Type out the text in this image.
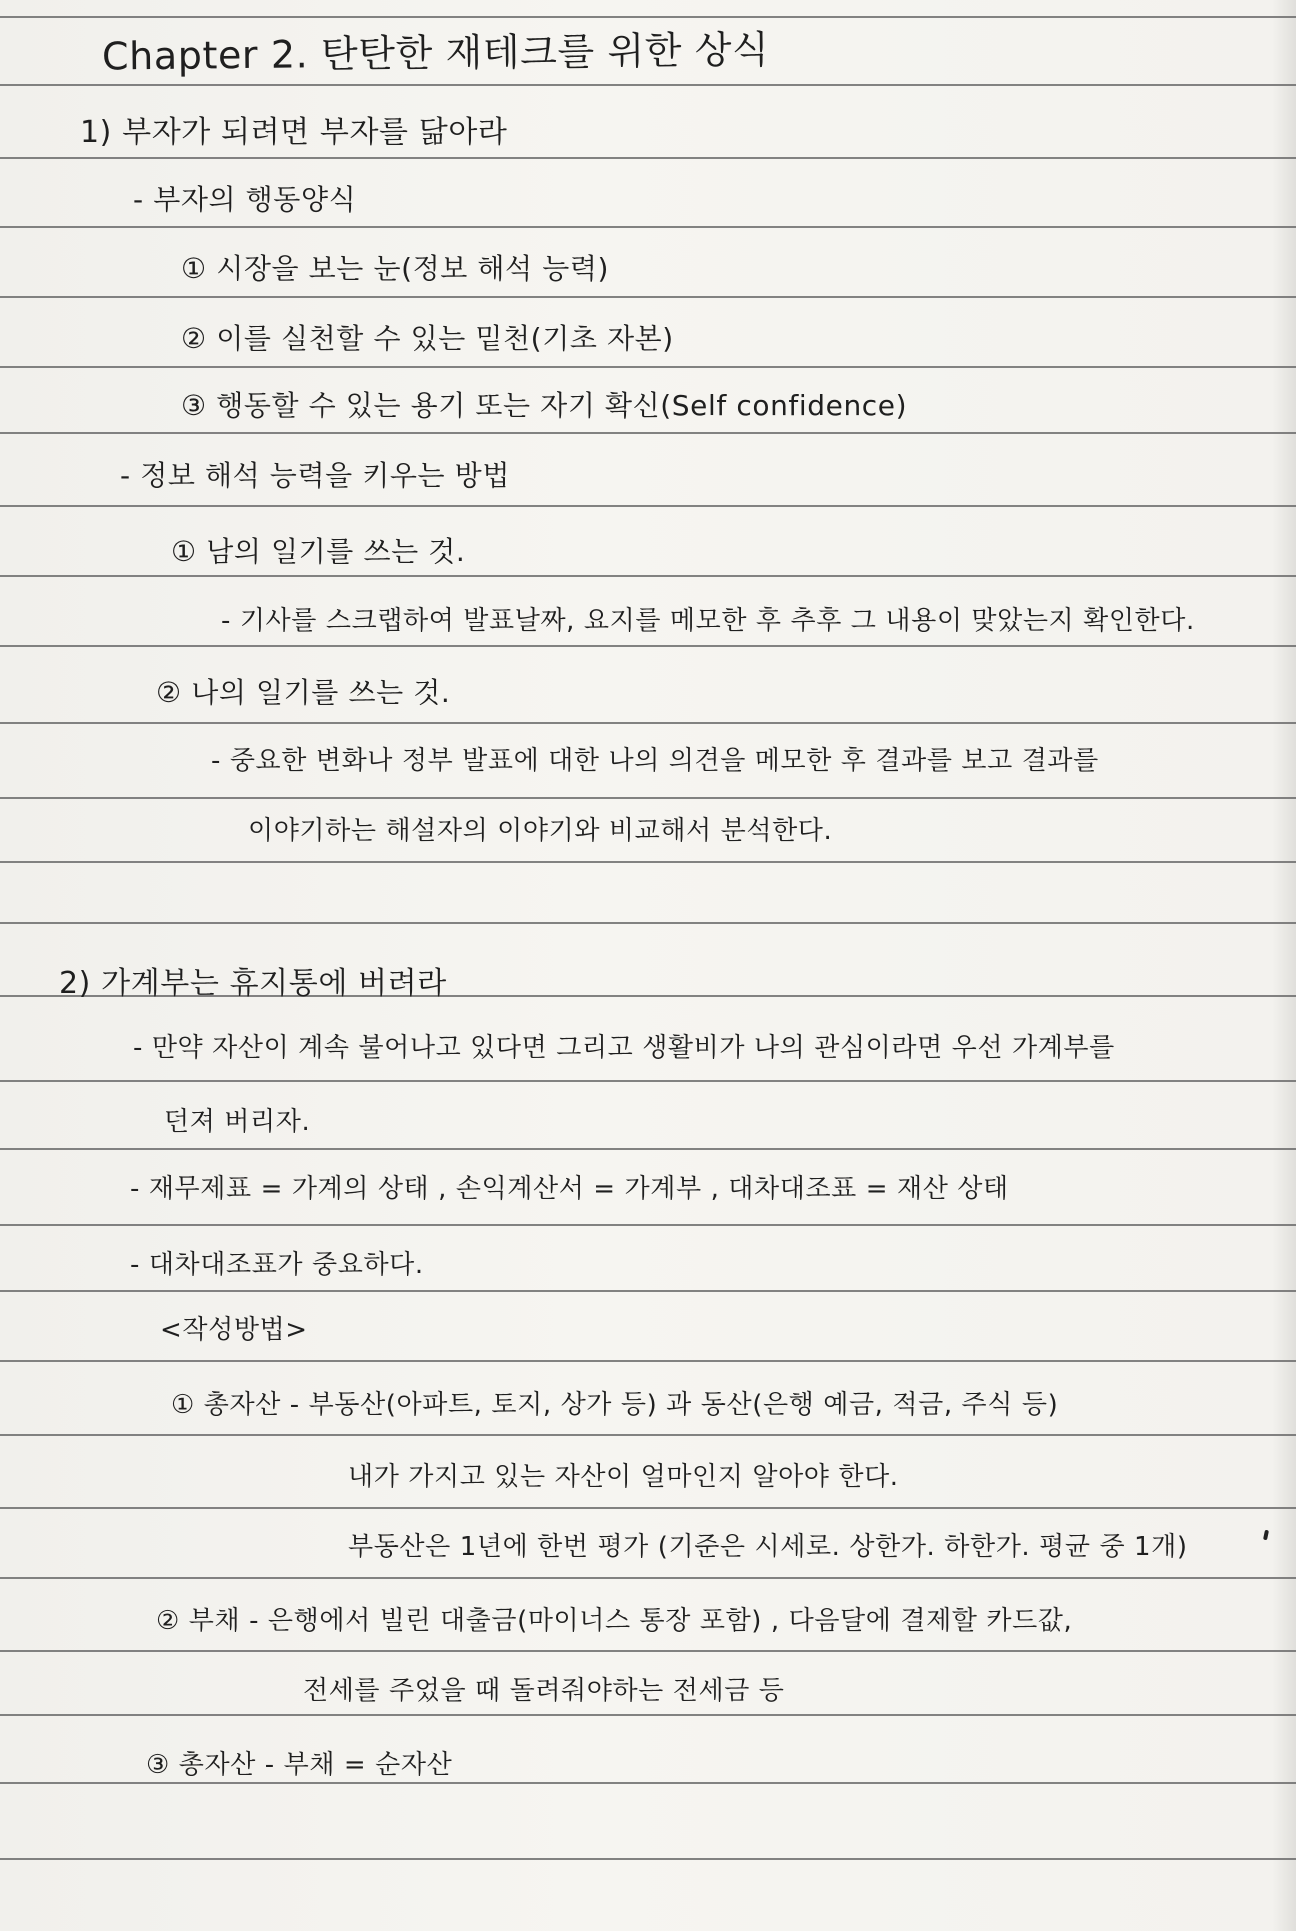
Chapter 2. 탄탄한 재테크를 위한 상식
1) 부자가 되려면 부자를 닮아라
- 부자의 행동양식
① 시장을 보는 눈(정보 해석 능력)
② 이를 실천할 수 있는 밑천(기초 자본)
③ 행동할 수 있는 용기 또는 자기 확신(Self confidence)
- 정보 해석 능력을 키우는 방법
① 남의 일기를 쓰는 것.
- 기사를 스크랩하여 발표날짜, 요지를 메모한 후 추후 그 내용이 맞았는지 확인한다.
② 나의 일기를 쓰는 것.
- 중요한 변화나 정부 발표에 대한 나의 의견을 메모한 후 결과를 보고 결과를
이야기하는 해설자의 이야기와 비교해서 분석한다.
2) 가계부는 휴지통에 버려라
- 만약 자산이 계속 불어나고 있다면 그리고 생활비가 나의 관심이라면 우선 가계부를
던져 버리자.
- 재무제표 = 가계의 상태 , 손익계산서 = 가계부 , 대차대조표 = 재산 상태
- 대차대조표가 중요하다.
<작성방법>
① 총자산 - 부동산(아파트, 토지, 상가 등) 과 동산(은행 예금, 적금, 주식 등)
내가 가지고 있는 자산이 얼마인지 알아야 한다.
부동산은 1년에 한번 평가 (기준은 시세로. 상한가. 하한가. 평균 중 1개)
② 부채 - 은행에서 빌린 대출금(마이너스 통장 포함) , 다음달에 결제할 카드값,
전세를 주었을 때 돌려줘야하는 전세금 등
③ 총자산 - 부채 = 순자산
